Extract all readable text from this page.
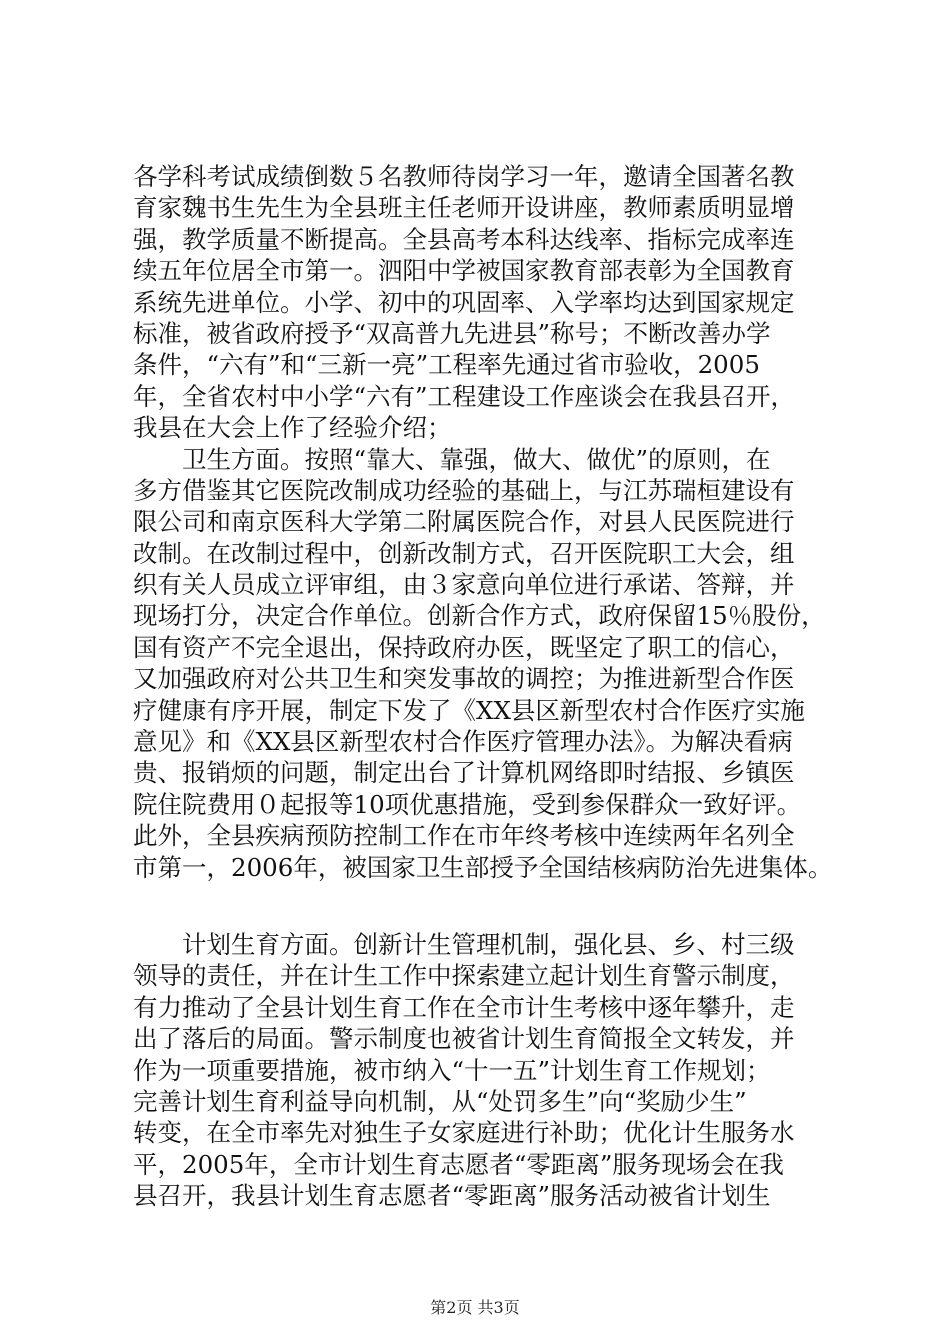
各学科考试成绩倒数５名教师待岗学习一年，邀请全国著名教
育家魏书生先生为全县班主任老师开设讲座，教师素质明显增
强，教学质量不断提高。全县高考本科达线率、指标完成率连
续五年位居全市第一。泗阳中学被国家教育部表彰为全国教育
系统先进单位。小学、初中的巩固率、入学率均达到国家规定
标准，被省政府授予“双高普九先进县”称号；不断改善办学
条件，“六有”和“三新一亮”工程率先通过省市验收，2005
年，全省农村中小学“六有”工程建设工作座谈会在我县召开，
我县在大会上作了经验介绍；
　　卫生方面。按照“靠大、靠强，做大、做优”的原则，在
多方借鉴其它医院改制成功经验的基础上，与江苏瑞桓建设有
限公司和南京医科大学第二附属医院合作，对县人民医院进行
改制。在改制过程中，创新改制方式，召开医院职工大会，组
织有关人员成立评审组，由３家意向单位进行承诺、答辩，并
现场打分，决定合作单位。创新合作方式，政府保留15％股份，
国有资产不完全退出，保持政府办医，既坚定了职工的信心，
又加强政府对公共卫生和突发事故的调控；为推进新型合作医
疗健康有序开展，制定下发了《XX县区新型农村合作医疗实施
意见》和《XX县区新型农村合作医疗管理办法》。为解决看病
贵、报销烦的问题，制定出台了计算机网络即时结报、乡镇医
院住院费用０起报等10项优惠措施，受到参保群众一致好评。
此外，全县疾病预防控制工作在市年终考核中连续两年名列全
市第一，2006年，被国家卫生部授予全国结核病防治先进集体。
　　计划生育方面。创新计生管理机制，强化县、乡、村三级
领导的责任，并在计生工作中探索建立起计划生育警示制度，
有力推动了全县计划生育工作在全市计生考核中逐年攀升，走
出了落后的局面。警示制度也被省计划生育简报全文转发，并
作为一项重要措施，被市纳入“十一五”计划生育工作规划；
完善计划生育利益导向机制，从“处罚多生”向“奖励少生”
转变，在全市率先对独生子女家庭进行补助；优化计生服务水
平，2005年，全市计划生育志愿者“零距离”服务现场会在我
县召开，我县计划生育志愿者“零距离”服务活动被省计划生
第2页 共3页
